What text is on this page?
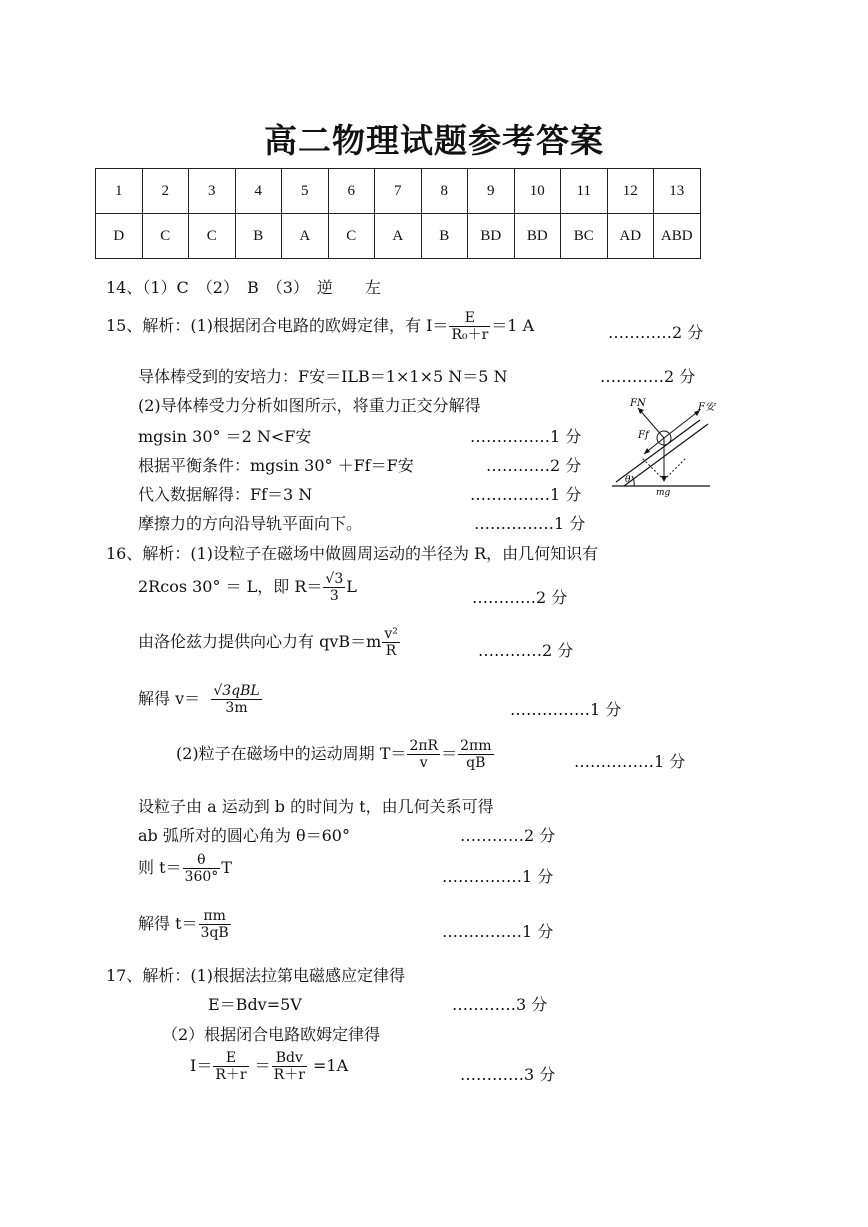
高二物理试题参考答案
1	2	3	4	5	6	7	8	9	10	11	12	13
D	C	C	B	A	C	A	B	BD	BD	BC	AD	ABD
14、（1）C　（2）　B　（3）　逆　　左
15、解析：(1)根据闭合电路的欧姆定律，有 $I= \frac{E}{\text{R₀＋r}} =1$ A	…………2 分
导体棒受到的安培力：F安＝ILB＝1×1×5 N＝5 N	…………2 分
(2)导体棒受力分析如图所示，将重力正交分解得
mgsin 30° ＝2 N<F安	……………1 分
根据平衡条件：mgsin 30° ＋Ff＝F安	…………2 分
代入数据解得：Ff＝3 N	……………1 分
摩擦力的方向沿导轨平面向下。	……………1 分
FN	F安
Ff
θ
mg
16、解析：(1)设粒子在磁场中做圆周运动的半径为 R，由几何知识有
2Rcos 30° ＝ L，即 $R= \frac{√3}{3}$ L
…………2 分
由洛伦兹力提供向心力有 $qvB=m \frac{\text{v²}}{R}$	…………2 分
解得 $v= \frac{\text{√3qBL}}{3m}$	……………1 分
(2)粒子在磁场中的运动周期 $T= \frac{2\pi R}{v} = \frac{2\pi m}{qB}$	……………1 分
设粒子由 a 运动到 b 的时间为 t，由几何关系可得
ab 弧所对的圆心角为 θ＝60°	…………2 分
则 $t= \frac{\theta}{360^\circ}$ T	……………1 分
解得 $t= \frac{\pi m}{3qB}$	……………1 分
17、解析：(1)根据法拉第电磁感应定律得
E＝Bdv=5V	…………3 分
（2）根据闭合电路欧姆定律得
$I= \frac{E}{R+r} = \frac{\text{Bdv}}{R+r} =1A$	…………3 分
